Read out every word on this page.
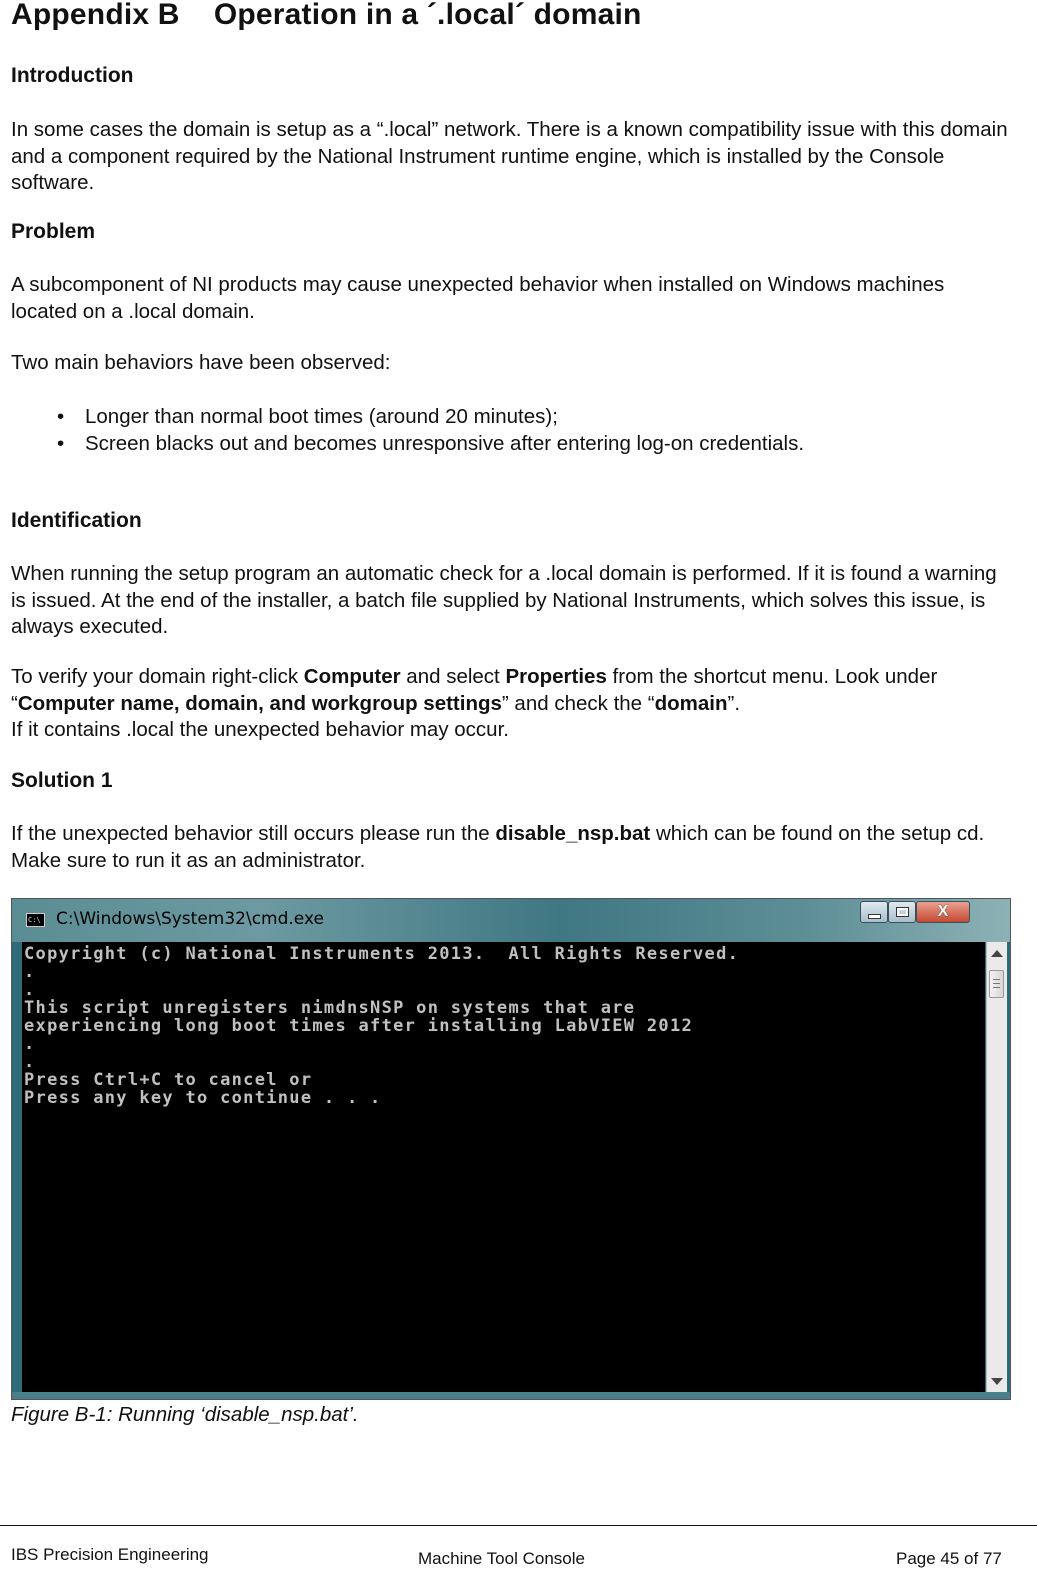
Appendix B Operation in a ´.local´ domain
Introduction
In some cases the domain is setup as a “.local” network. There is a known compatibility issue with this domain and a component required by the National Instrument runtime engine, which is installed by the Console software.
Problem
A subcomponent of NI products may cause unexpected behavior when installed on Windows machines located on a .local domain.
Two main behaviors have been observed:
• Longer than normal boot times (around 20 minutes);
• Screen blacks out and becomes unresponsive after entering log-on credentials.
Identification
When running the setup program an automatic check for a .local domain is performed. If it is found a warning is issued. At the end of the installer, a batch file supplied by National Instruments, which solves this issue, is always executed.
To verify your domain right-click Computer and select Properties from the shortcut menu. Look under “Computer name, domain, and workgroup settings” and check the “domain”.
If it contains .local the unexpected behavior may occur.
Solution 1
If the unexpected behavior still occurs please run the disable_nsp.bat which can be found on the setup cd. Make sure to run it as an administrator.
Figure B-1: Running ‘disable_nsp.bat’.
C:\ C:\Windows\System32\cmd.exe	X
Copyright (c) National Instruments 2013.  All Rights Reserved.
.
.
This script unregisters nimdnsNSP on systems that are
experiencing long boot times after installing LabVIEW 2012
.
.
Press Ctrl+C to cancel or
Press any key to continue . . .
IBS Precision Engineering	Machine Tool Console	Page 45 of 77
